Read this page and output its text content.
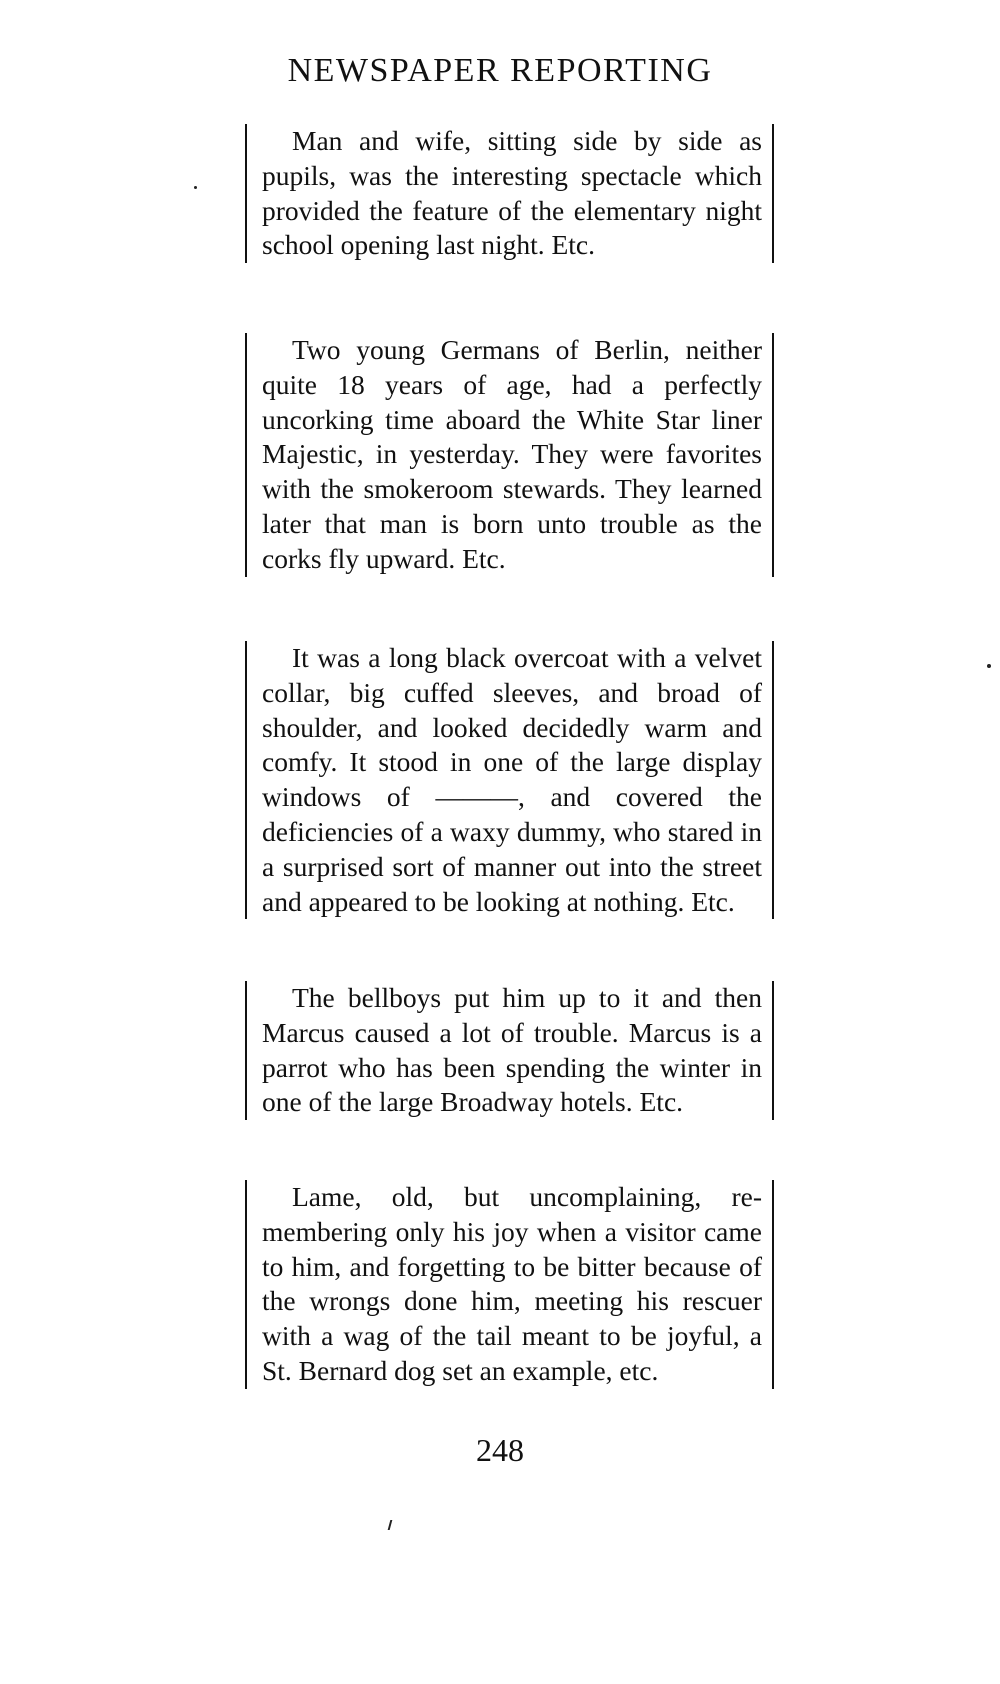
NEWSPAPER REPORTING

Man and wife, sitting side by side as pupils, was the interesting spectacle which provided the feature of the elementary night school opening last night. Etc.

Two young Germans of Berlin, neither quite 18 years of age, had a perfectly uncorking time aboard the White Star liner Majestic, in yesterday. They were favorites with the smokeroom stewards. They learned later that man is born unto trouble as the corks fly upward. Etc.

It was a long black overcoat with a velvet collar, big cuffed sleeves, and broad of shoulder, and looked decidedly warm and comfy. It stood in one of the large display windows of ———, and covered the deficiencies of a waxy dummy, who stared in a surprised sort of manner out into the street and appeared to be looking at nothing. Etc.

The bellboys put him up to it and then Marcus caused a lot of trouble. Marcus is a parrot who has been spending the winter in one of the large Broadway hotels. Etc.

Lame, old, but uncomplaining, remembering only his joy when a visitor came to him, and forgetting to be bitter because of the wrongs done him, meeting his rescuer with a wag of the tail meant to be joyful, a St. Bernard dog set an example, etc.

248
